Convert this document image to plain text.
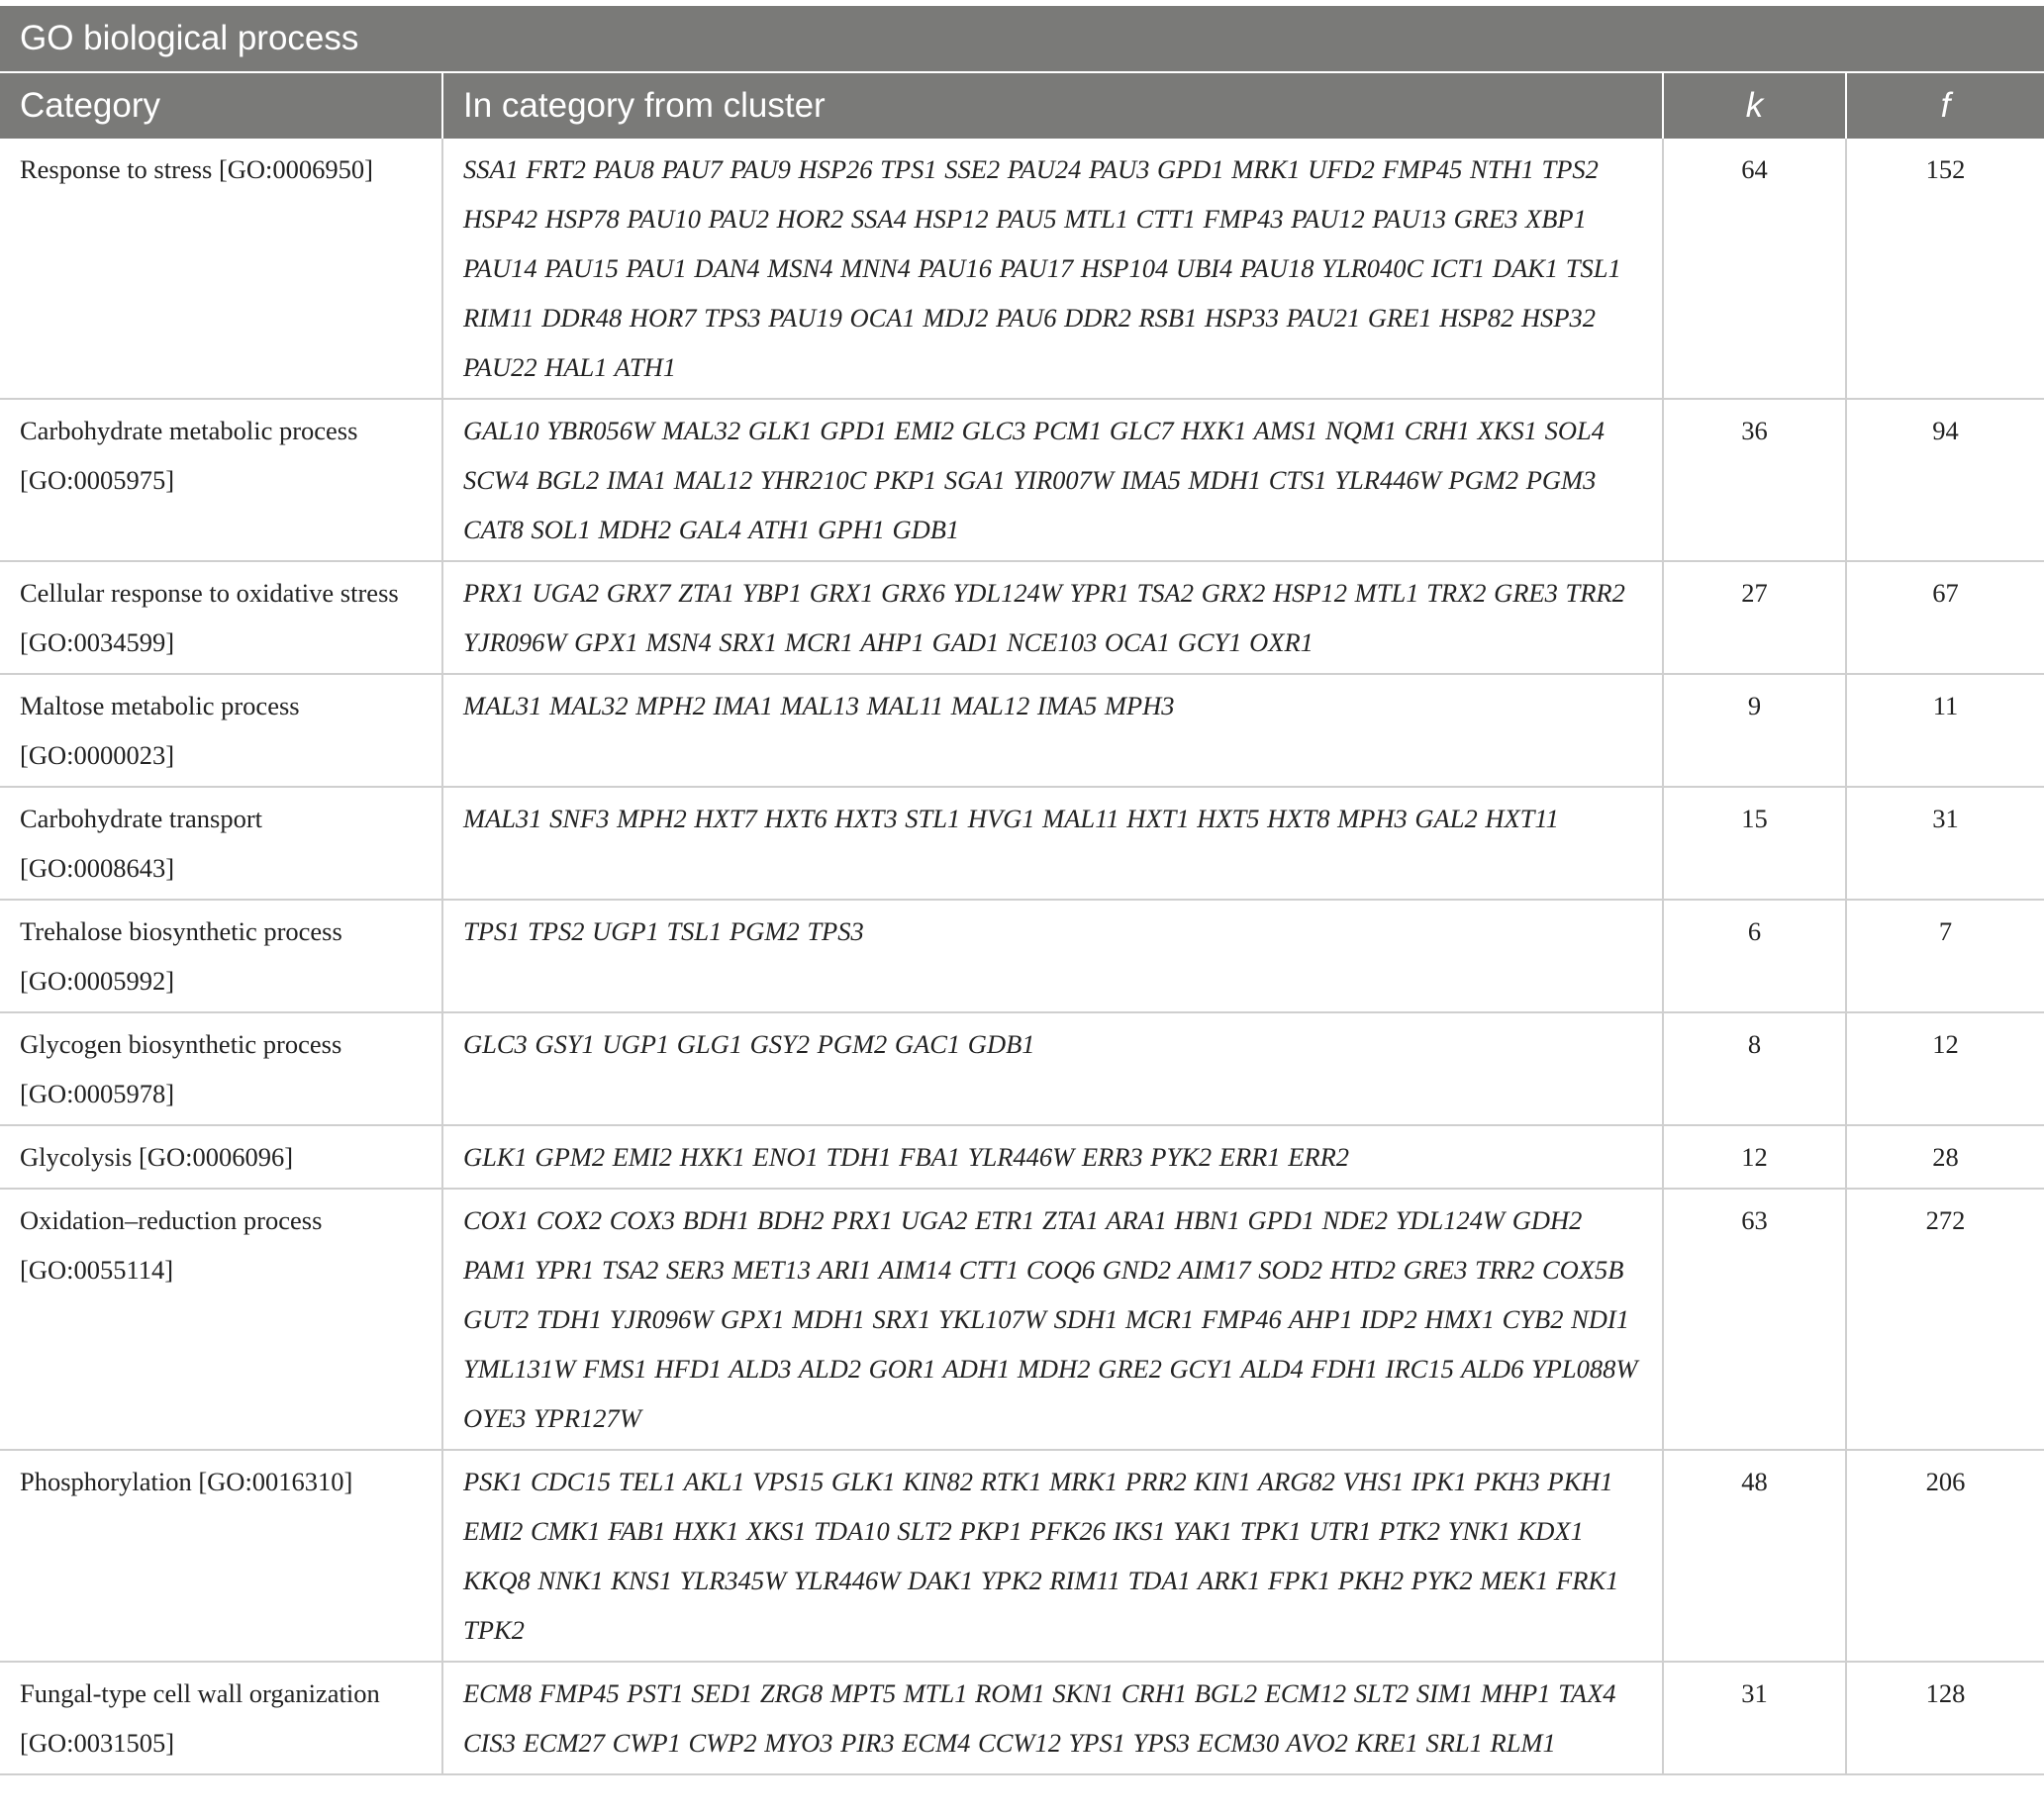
GO biological process			
Category	In category from cluster	k	f
Response to stress [GO:0006950]	SSA1 FRT2 PAU8 PAU7 PAU9 HSP26 TPS1 SSE2 PAU24 PAU3 GPD1 MRK1 UFD2 FMP45 NTH1 TPS2 HSP42 HSP78 PAU10 PAU2 HOR2 SSA4 HSP12 PAU5 MTL1 CTT1 FMP43 PAU12 PAU13 GRE3 XBP1 PAU14 PAU15 PAU1 DAN4 MSN4 MNN4 PAU16 PAU17 HSP104 UBI4 PAU18 YLR040C ICT1 DAK1 TSL1 RIM11 DDR48 HOR7 TPS3 PAU19 OCA1 MDJ2 PAU6 DDR2 RSB1 HSP33 PAU21 GRE1 HSP82 HSP32 PAU22 HAL1 ATH1	64	152
Carbohydrate metabolic process [GO:0005975]	GAL10 YBR056W MAL32 GLK1 GPD1 EMI2 GLC3 PCM1 GLC7 HXK1 AMS1 NQM1 CRH1 XKS1 SOL4 SCW4 BGL2 IMA1 MAL12 YHR210C PKP1 SGA1 YIR007W IMA5 MDH1 CTS1 YLR446W PGM2 PGM3 CAT8 SOL1 MDH2 GAL4 ATH1 GPH1 GDB1	36	94
Cellular response to oxidative stress [GO:0034599]	PRX1 UGA2 GRX7 ZTA1 YBP1 GRX1 GRX6 YDL124W YPR1 TSA2 GRX2 HSP12 MTL1 TRX2 GRE3 TRR2 YJR096W GPX1 MSN4 SRX1 MCR1 AHP1 GAD1 NCE103 OCA1 GCY1 OXR1	27	67
Maltose metabolic process [GO:0000023]	MAL31 MAL32 MPH2 IMA1 MAL13 MAL11 MAL12 IMA5 MPH3	9	11
Carbohydrate transport [GO:0008643]	MAL31 SNF3 MPH2 HXT7 HXT6 HXT3 STL1 HVG1 MAL11 HXT1 HXT5 HXT8 MPH3 GAL2 HXT11	15	31
Trehalose biosynthetic process [GO:0005992]	TPS1 TPS2 UGP1 TSL1 PGM2 TPS3	6	7
Glycogen biosynthetic process [GO:0005978]	GLC3 GSY1 UGP1 GLG1 GSY2 PGM2 GAC1 GDB1	8	12
Glycolysis [GO:0006096]	GLK1 GPM2 EMI2 HXK1 ENO1 TDH1 FBA1 YLR446W ERR3 PYK2 ERR1 ERR2	12	28
Oxidation–reduction process [GO:0055114]	COX1 COX2 COX3 BDH1 BDH2 PRX1 UGA2 ETR1 ZTA1 ARA1 HBN1 GPD1 NDE2 YDL124W GDH2 PAM1 YPR1 TSA2 SER3 MET13 ARI1 AIM14 CTT1 COQ6 GND2 AIM17 SOD2 HTD2 GRE3 TRR2 COX5B GUT2 TDH1 YJR096W GPX1 MDH1 SRX1 YKL107W SDH1 MCR1 FMP46 AHP1 IDP2 HMX1 CYB2 NDI1 YML131W FMS1 HFD1 ALD3 ALD2 GOR1 ADH1 MDH2 GRE2 GCY1 ALD4 FDH1 IRC15 ALD6 YPL088W OYE3 YPR127W	63	272
Phosphorylation [GO:0016310]	PSK1 CDC15 TEL1 AKL1 VPS15 GLK1 KIN82 RTK1 MRK1 PRR2 KIN1 ARG82 VHS1 IPK1 PKH3 PKH1 EMI2 CMK1 FAB1 HXK1 XKS1 TDA10 SLT2 PKP1 PFK26 IKS1 YAK1 TPK1 UTR1 PTK2 YNK1 KDX1 KKQ8 NNK1 KNS1 YLR345W YLR446W DAK1 YPK2 RIM11 TDA1 ARK1 FPK1 PKH2 PYK2 MEK1 FRK1 TPK2	48	206
Fungal-type cell wall organization [GO:0031505]	ECM8 FMP45 PST1 SED1 ZRG8 MPT5 MTL1 ROM1 SKN1 CRH1 BGL2 ECM12 SLT2 SIM1 MHP1 TAX4 CIS3 ECM27 CWP1 CWP2 MYO3 PIR3 ECM4 CCW12 YPS1 YPS3 ECM30 AVO2 KRE1 SRL1 RLM1	31	128
